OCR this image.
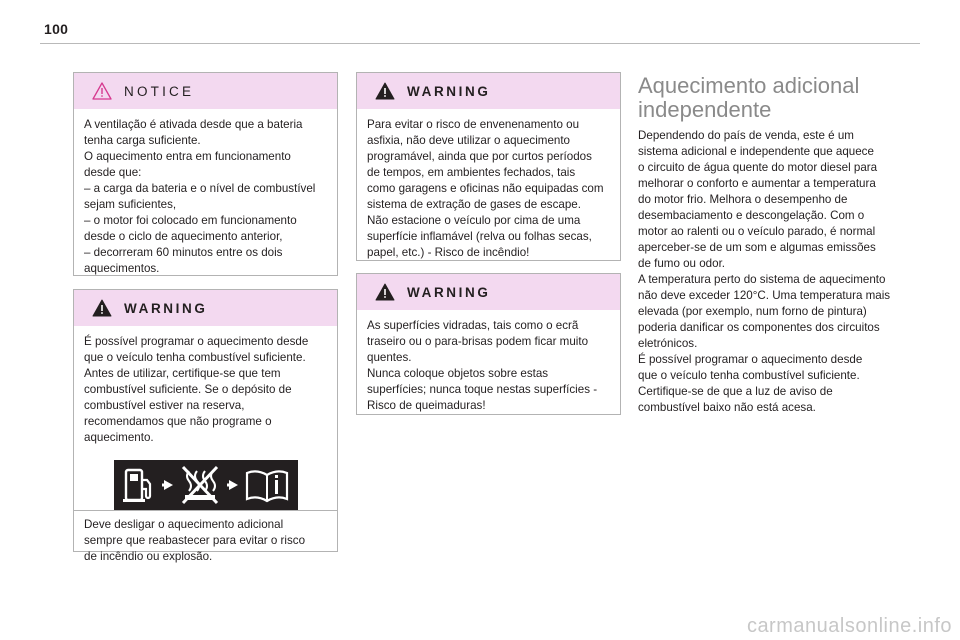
100
NOTICE

A ventilação é ativada desde que a bateria
tenha carga suficiente.
O aquecimento entra em funcionamento
desde que:
– a carga da bateria e o nível de combustível
sejam suficientes,
– o motor foi colocado em funcionamento
desde o ciclo de aquecimento anterior,
– decorreram 60 minutos entre os dois
aquecimentos.

WARNING

É possível programar o aquecimento desde
que o veículo tenha combustível suficiente.
Antes de utilizar, certifique-se que tem
combustível suficiente. Se o depósito de
combustível estiver na reserva,
recomendamos que não programe o
aquecimento.

Deve desligar o aquecimento adicional
sempre que reabastecer para evitar o risco
de incêndio ou explosão.

WARNING

Para evitar o risco de envenenamento ou
asfixia, não deve utilizar o aquecimento
programável, ainda que por curtos períodos
de tempos, em ambientes fechados, tais
como garagens e oficinas não equipadas com
sistema de extração de gases de escape.
Não estacione o veículo por cima de uma
superfície inflamável (relva ou folhas secas,
papel, etc.) - Risco de incêndio!

WARNING

As superfícies vidradas, tais como o ecrã
traseiro ou o para-brisas podem ficar muito
quentes.
Nunca coloque objetos sobre estas
superfícies; nunca toque nestas superfícies -
Risco de queimaduras!

Aquecimento adicional
independente
Dependendo do país de venda, este é um
sistema adicional e independente que aquece
o circuito de água quente do motor diesel para
melhorar o conforto e aumentar a temperatura
do motor frio. Melhora o desempenho de
desembaciamento e descongelação. Com o
motor ao ralenti ou o veículo parado, é normal
aperceber-se de um som e algumas emissões
de fumo ou odor.
A temperatura perto do sistema de aquecimento
não deve exceder 120°C. Uma temperatura mais
elevada (por exemplo, num forno de pintura)
poderia danificar os componentes dos circuitos
eletrónicos.
É possível programar o aquecimento desde
que o veículo tenha combustível suficiente.
Certifique-se de que a luz de aviso de
combustível baixo não está acesa.
carmanualsonline.info
